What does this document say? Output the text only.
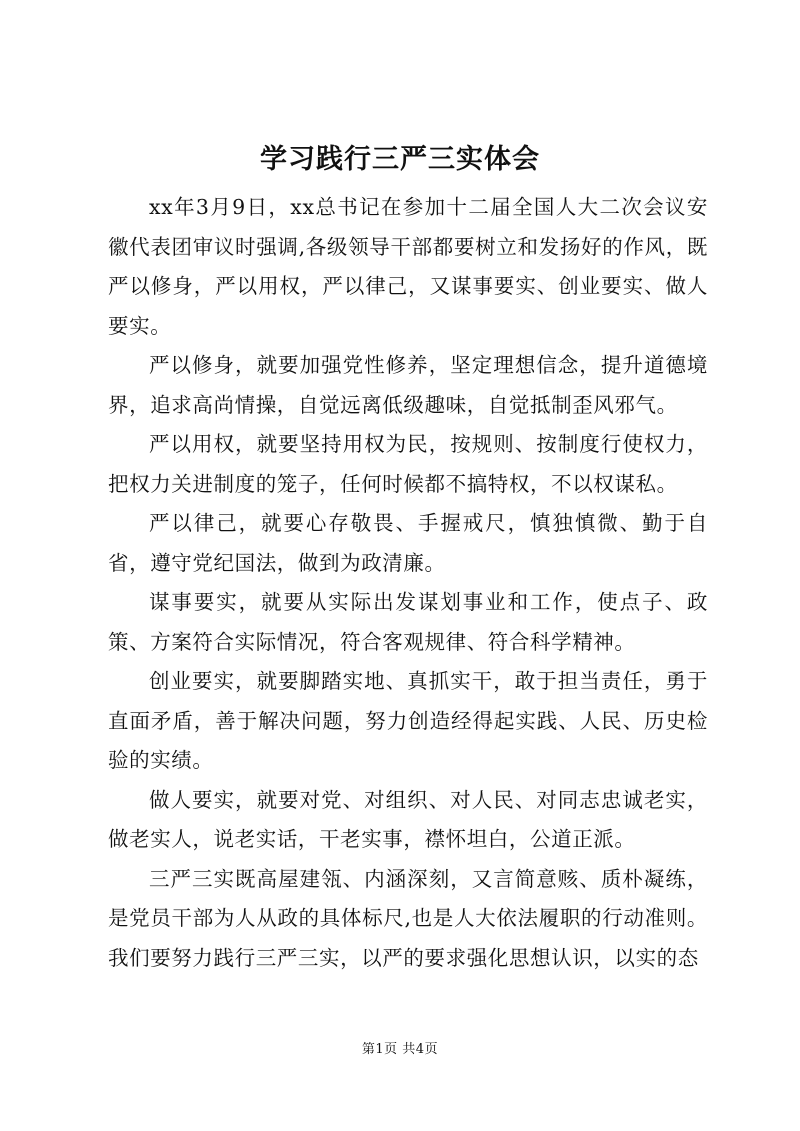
学习践行三严三实体会

xx年3月9日，xx总书记在参加十二届全国人大二次会议安徽代表团审议时强调,各级领导干部都要树立和发扬好的作风，既严以修身，严以用权，严以律己，又谋事要实、创业要实、做人要实。

严以修身，就要加强党性修养，坚定理想信念，提升道德境界，追求高尚情操，自觉远离低级趣味，自觉抵制歪风邪气。

严以用权，就要坚持用权为民，按规则、按制度行使权力，把权力关进制度的笼子，任何时候都不搞特权，不以权谋私。

严以律己，就要心存敬畏、手握戒尺，慎独慎微、勤于自省，遵守党纪国法，做到为政清廉。

谋事要实，就要从实际出发谋划事业和工作，使点子、政策、方案符合实际情况，符合客观规律、符合科学精神。

创业要实，就要脚踏实地、真抓实干，敢于担当责任，勇于直面矛盾，善于解决问题，努力创造经得起实践、人民、历史检验的实绩。

做人要实，就要对党、对组织、对人民、对同志忠诚老实，做老实人，说老实话，干老实事，襟怀坦白，公道正派。

三严三实既高屋建瓴、内涵深刻，又言简意赅、质朴凝练，是党员干部为人从政的具体标尺,也是人大依法履职的行动准则。我们要努力践行三严三实，以严的要求强化思想认识，以实的态

第1页 共4页
